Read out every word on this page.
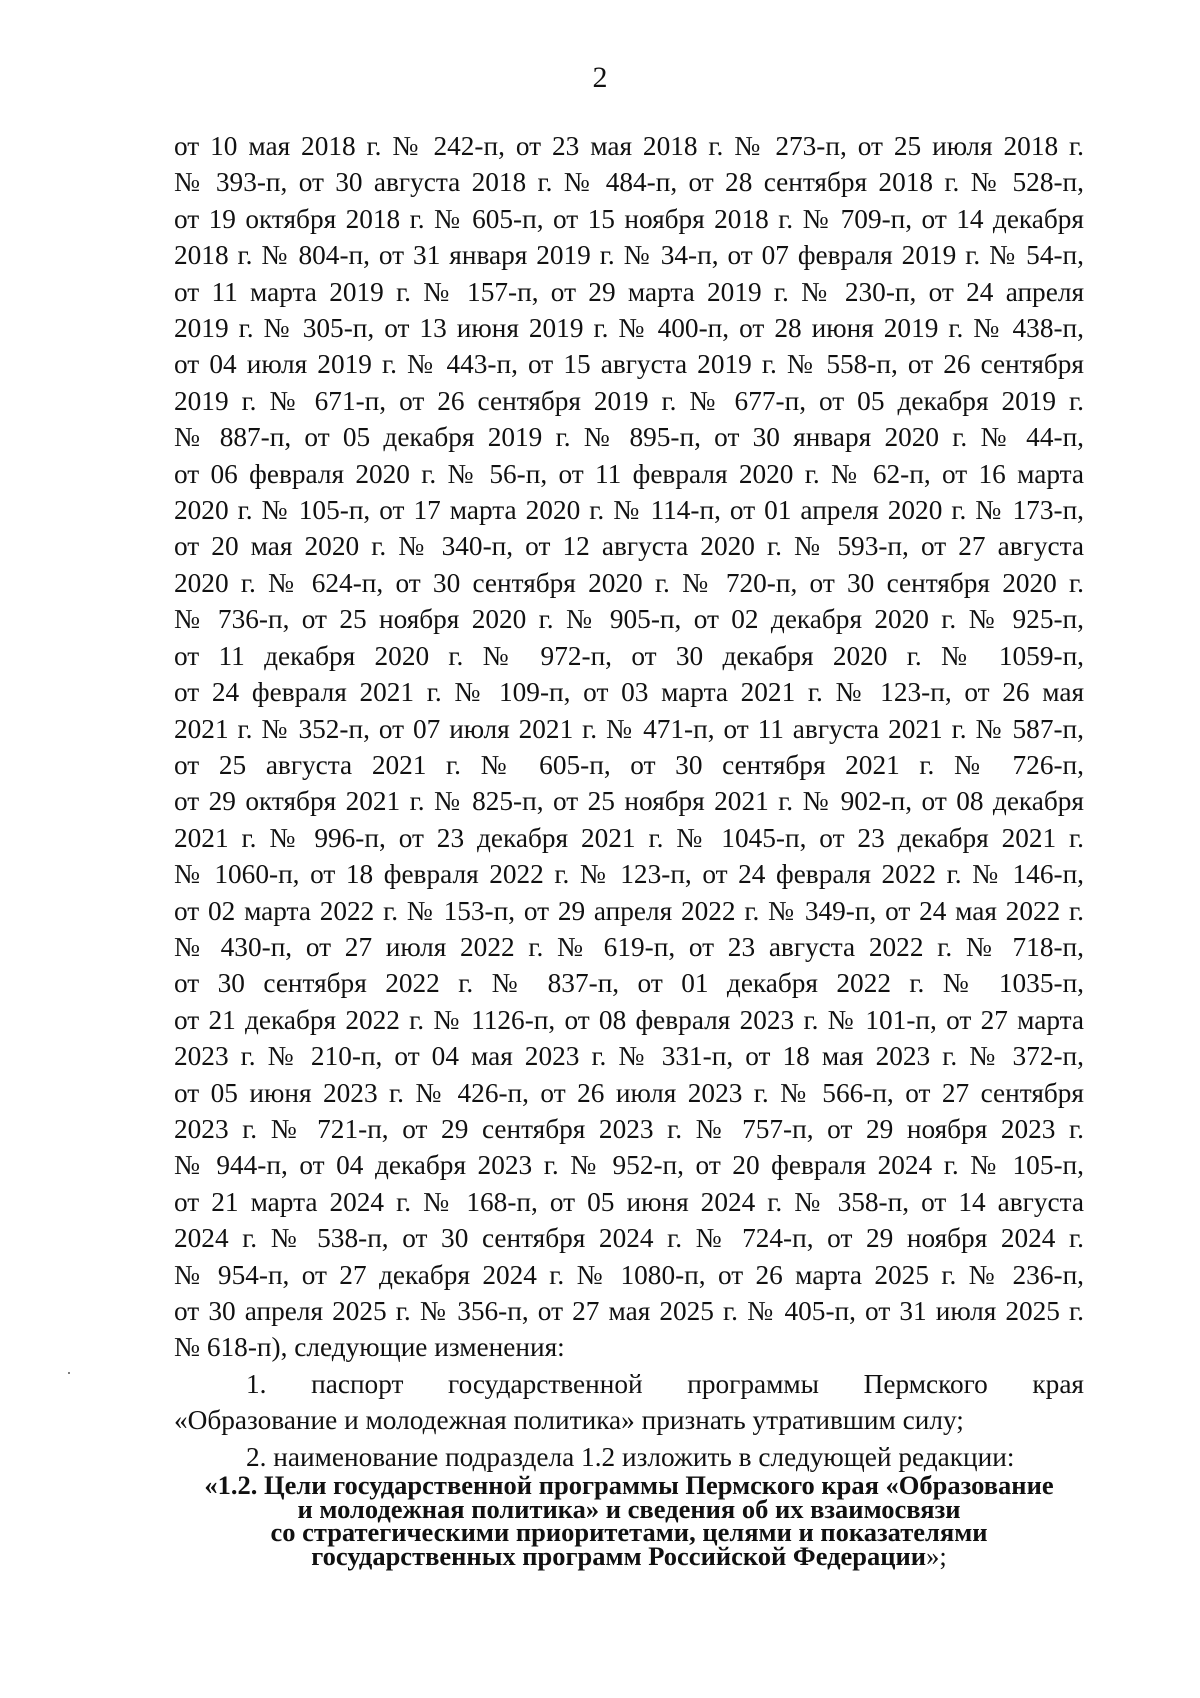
2
от 10 мая 2018 г. № 242-п, от 23 мая 2018 г. № 273-п, от 25 июля 2018 г.
№ 393-п, от 30 августа 2018 г. № 484-п, от 28 сентября 2018 г. № 528-п,
от 19 октября 2018 г. № 605-п, от 15 ноября 2018 г. № 709-п, от 14 декабря
2018 г. № 804-п, от 31 января 2019 г. № 34-п, от 07 февраля 2019 г. № 54-п,
от 11 марта 2019 г. № 157-п, от 29 марта 2019 г. № 230-п, от 24 апреля
2019 г. № 305-п, от 13 июня 2019 г. № 400-п, от 28 июня 2019 г. № 438-п,
от 04 июля 2019 г. № 443-п, от 15 августа 2019 г. № 558-п, от 26 сентября
2019 г. № 671-п, от 26 сентября 2019 г. № 677-п, от 05 декабря 2019 г.
№ 887-п, от 05 декабря 2019 г. № 895-п, от 30 января 2020 г. № 44-п,
от 06 февраля 2020 г. № 56-п, от 11 февраля 2020 г. № 62-п, от 16 марта
2020 г. № 105-п, от 17 марта 2020 г. № 114-п, от 01 апреля 2020 г. № 173-п,
от 20 мая 2020 г. № 340-п, от 12 августа 2020 г. № 593-п, от 27 августа
2020 г. № 624-п, от 30 сентября 2020 г. № 720-п, от 30 сентября 2020 г.
№ 736-п, от 25 ноября 2020 г. № 905-п, от 02 декабря 2020 г. № 925-п,
от 11 декабря 2020 г. № 972-п, от 30 декабря 2020 г. № 1059-п,
от 24 февраля 2021 г. № 109-п, от 03 марта 2021 г. № 123-п, от 26 мая
2021 г. № 352-п, от 07 июля 2021 г. № 471-п, от 11 августа 2021 г. № 587-п,
от 25 августа 2021 г. № 605-п, от 30 сентября 2021 г. № 726-п,
от 29 октября 2021 г. № 825-п, от 25 ноября 2021 г. № 902-п, от 08 декабря
2021 г. № 996-п, от 23 декабря 2021 г. № 1045-п, от 23 декабря 2021 г.
№ 1060-п, от 18 февраля 2022 г. № 123-п, от 24 февраля 2022 г. № 146-п,
от 02 марта 2022 г. № 153-п, от 29 апреля 2022 г. № 349-п, от 24 мая 2022 г.
№ 430-п, от 27 июля 2022 г. № 619-п, от 23 августа 2022 г. № 718-п,
от 30 сентября 2022 г. № 837-п, от 01 декабря 2022 г. № 1035-п,
от 21 декабря 2022 г. № 1126-п, от 08 февраля 2023 г. № 101-п, от 27 марта
2023 г. № 210-п, от 04 мая 2023 г. № 331-п, от 18 мая 2023 г. № 372-п,
от 05 июня 2023 г. № 426-п, от 26 июля 2023 г. № 566-п, от 27 сентября
2023 г. № 721-п, от 29 сентября 2023 г. № 757-п, от 29 ноября 2023 г.
№ 944-п, от 04 декабря 2023 г. № 952-п, от 20 февраля 2024 г. № 105-п,
от 21 марта 2024 г. № 168-п, от 05 июня 2024 г. № 358-п, от 14 августа
2024 г. № 538-п, от 30 сентября 2024 г. № 724-п, от 29 ноября 2024 г.
№ 954-п, от 27 декабря 2024 г. № 1080-п, от 26 марта 2025 г. № 236-п,
от 30 апреля 2025 г. № 356-п, от 27 мая 2025 г. № 405-п, от 31 июля 2025 г.
№ 618-п), следующие изменения:
1. паспорт государственной программы Пермского края
«Образование и молодежная политика» признать утратившим силу;
2. наименование подраздела 1.2 изложить в следующей редакции:
«1.2. Цели государственной программы Пермского края «Образование
и молодежная политика» и сведения об их взаимосвязи
со стратегическими приоритетами, целями и показателями
государственных программ Российской Федерации»;
